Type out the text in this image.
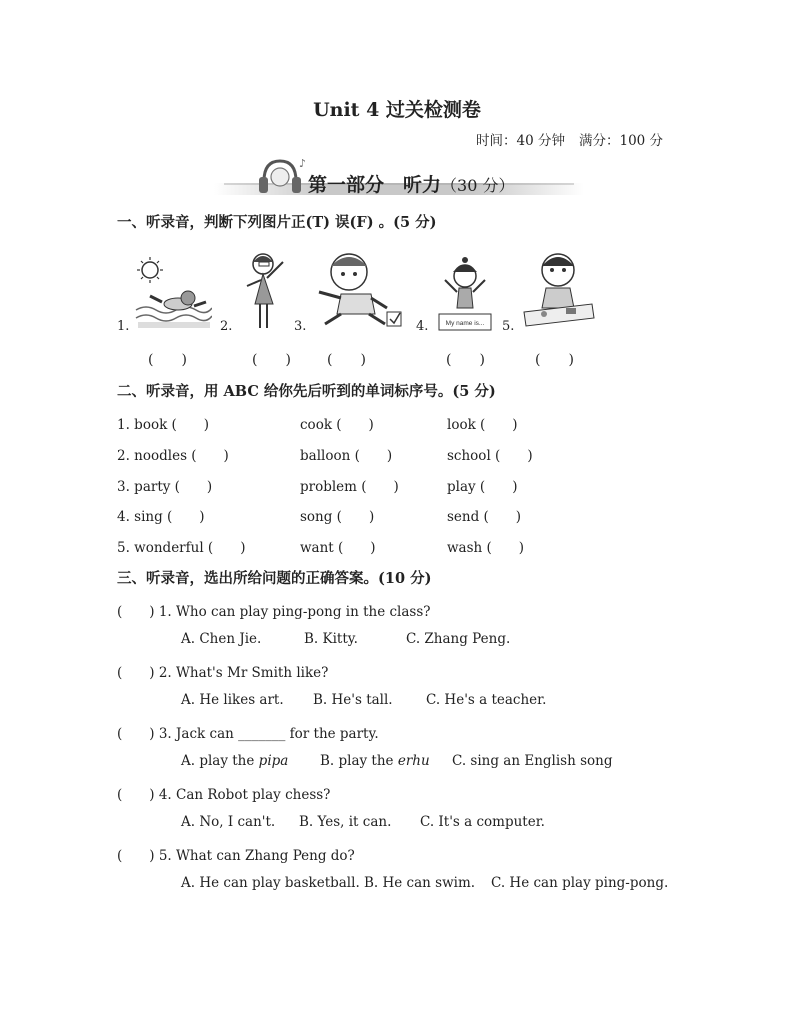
Unit 4 过关检测卷
时间：40 分钟 满分：100 分
♪
第一部分　听力（30 分）
一、听录音，判断下列图片正(T) 误(F) 。(5 分)
My name is...
1.	2.	3.	4.	5.
(　　)	(　　)	(　　)	(　　)	(　　)
二、听录音，用 ABC 给你先后听到的单词标序号。(5 分)
1. book (　　)	cook (　　)	look (　　)
2. noodles (　　)	balloon (　　)	school (　　)
3. party (　　)	problem (　　)	play (　　)
4. sing (　　)	song (　　)	send (　　)
5. wonderful (　　)	want (　　)	wash (　　)
三、听录音，选出所给问题的正确答案。(10 分)
(　　) 1. Who can play ping-pong in the class?
A. Chen Jie.	B. Kitty.	C. Zhang Peng.
(　　) 2. What's Mr Smith like?
A. He likes art. B. He's tall. C. He's a teacher.
(　　) 3. Jack can _______ for the party.
A. play the pipa B. play the erhu C. sing an English song
(　　) 4. Can Robot play chess?
A. No, I can't. B. Yes, it can. C. It's a computer.
(　　) 5. What can Zhang Peng do?
A. He can play basketball. B. He can swim. C. He can play ping-pong.
